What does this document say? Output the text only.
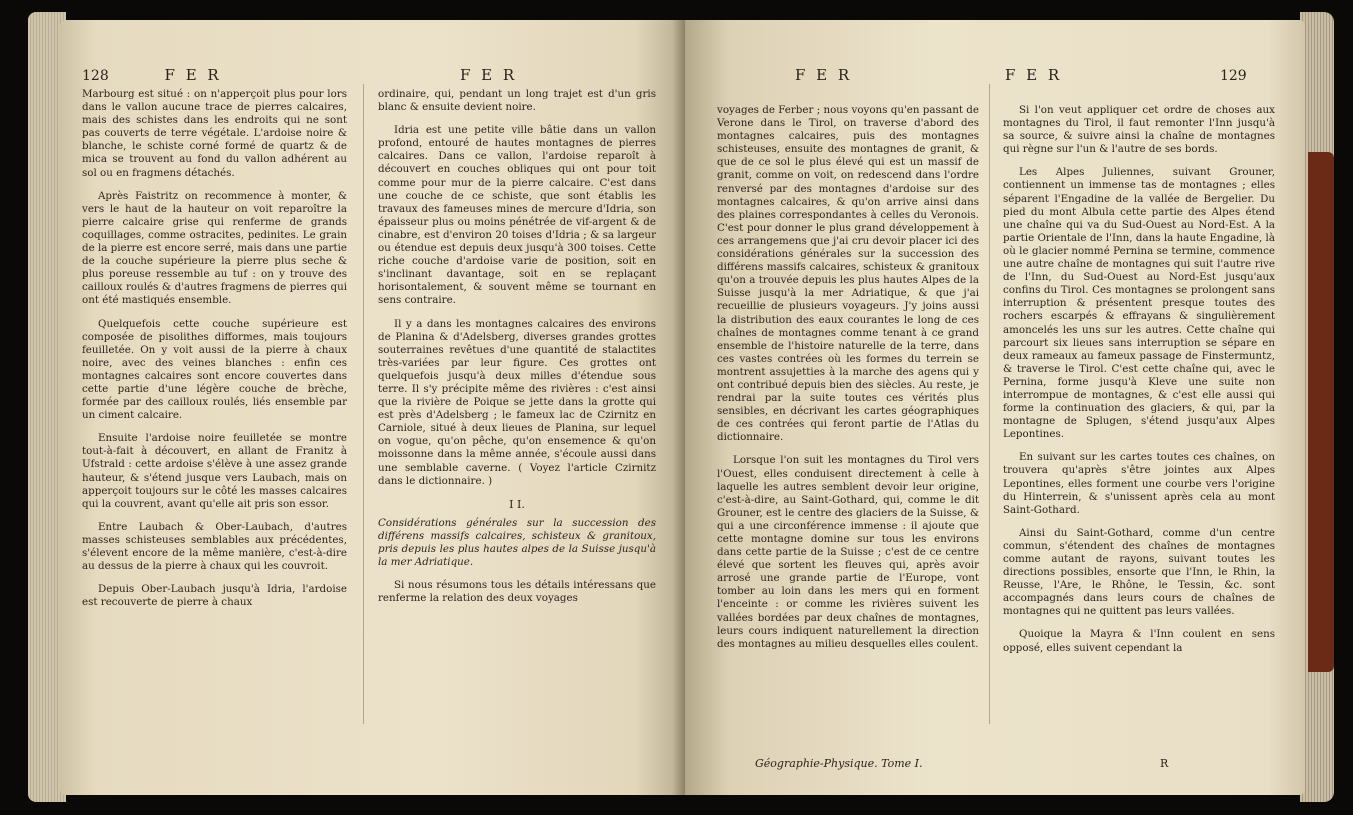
128	F E R	F E R

Marbourg est situé : on n'apperçoit plus pour lors dans le vallon aucune trace de pierres calcaires, mais des schistes dans les endroits qui ne sont pas couverts de terre végétale. L'ardoise noire & blanche, le schiste corné formé de quartz & de mica se trouvent au fond du vallon adhérent au sol ou en fragmens détachés.

Après Faistritz on recommence à monter, & vers le haut de la hauteur on voit reparoître la pierre calcaire grise qui renferme de grands coquillages, comme ostracites, pedinites. Le grain de la pierre est encore serré, mais dans une partie de la couche supérieure la pierre plus seche & plus poreuse ressemble au tuf : on y trouve des cailloux roulés & d'autres fragmens de pierres qui ont été mastiqués ensemble.

Quelquefois cette couche supérieure est composée de pisolithes difformes, mais toujours feuilletée. On y voit aussi de la pierre à chaux noire, avec des veines blanches : enfin ces montagnes calcaires sont encore couvertes dans cette partie d'une légère couche de brèche, formée par des cailloux roulés, liés ensemble par un ciment calcaire.

Ensuite l'ardoise noire feuilletée se montre tout-à-fait à découvert, en allant de Franitz à Ufstrald : cette ardoise s'élève à une assez grande hauteur, & s'étend jusque vers Laubach, mais on apperçoit toujours sur le côté les masses calcaires qui la couvrent, avant qu'elle ait pris son essor.

Entre Laubach & Ober-Laubach, d'autres masses schisteuses semblables aux précédentes, s'élevent encore de la même manière, c'est-à-dire au dessus de la pierre à chaux qui les couvroit.

Depuis Ober-Laubach jusqu'à Idria, l'ardoise est recouverte de pierre à chaux

ordinaire, qui, pendant un long trajet est d'un gris blanc & ensuite devient noire.

Idria est une petite ville bâtie dans un vallon profond, entouré de hautes montagnes de pierres calcaires. Dans ce vallon, l'ardoise reparoît à découvert en couches obliques qui ont pour toit comme pour mur de la pierre calcaire. C'est dans une couche de ce schiste, que sont établis les travaux des fameuses mines de mercure d'Idria, son épaisseur plus ou moins pénétrée de vif-argent & de cinabre, est d'environ 20 toises d'Idria ; & sa largeur ou étendue est depuis deux jusqu'à 300 toises. Cette riche couche d'ardoise varie de position, soit en s'inclinant davantage, soit en se replaçant horisontalement, & souvent même se tournant en sens contraire.

Il y a dans les montagnes calcaires des environs de Planina & d'Adelsberg, diverses grandes grottes souterraines revêtues d'une quantité de stalactites très-variées par leur figure. Ces grottes ont quelquefois jusqu'à deux milles d'étendue sous terre. Il s'y précipite même des rivières : c'est ainsi que la rivière de Poique se jette dans la grotte qui est près d'Adelsberg ; le fameux lac de Czirnitz en Carniole, situé à deux lieues de Planina, sur lequel on vogue, qu'on pêche, qu'on ensemence & qu'on moissonne dans la même année, s'écoule aussi dans une semblable caverne. ( Voyez l'article Czirnitz dans le dictionnaire. )

I I.

Considérations générales sur la succession des différens massifs calcaires, schisteux & granitoux, pris depuis les plus hautes alpes de la Suisse jusqu'à la mer Adriatique.

Si nous résumons tous les détails intéressans que renferme la relation des deux voyages

F E R	F E R	129

voyages de Ferber ; nous voyons qu'en passant de Verone dans le Tirol, on traverse d'abord des montagnes calcaires, puis des montagnes schisteuses, ensuite des montagnes de granit, & que de ce sol le plus élevé qui est un massif de granit, comme on voit, on redescend dans l'ordre renversé par des montagnes d'ardoise sur des montagnes calcaires, & qu'on arrive ainsi dans des plaines correspondantes à celles du Veronois. C'est pour donner le plus grand développement à ces arrangemens que j'ai cru devoir placer ici des considérations générales sur la succession des différens massifs calcaires, schisteux & granitoux qu'on a trouvée depuis les plus hautes Alpes de la Suisse jusqu'à la mer Adriatique, & que j'ai recueillie de plusieurs voyageurs. J'y joins aussi la distribution des eaux courantes le long de ces chaînes de montagnes comme tenant à ce grand ensemble de l'histoire naturelle de la terre, dans ces vastes contrées où les formes du terrein se montrent assujetties à la marche des agens qui y ont contribué depuis bien des siècles. Au reste, je rendrai par la suite toutes ces vérités plus sensibles, en décrivant les cartes géographiques de ces contrées qui feront partie de l'Atlas du dictionnaire.

Lorsque l'on suit les montagnes du Tirol vers l'Ouest, elles conduisent directement à celle à laquelle les autres semblent devoir leur origine, c'est-à-dire, au Saint-Gothard, qui, comme le dit Grouner, est le centre des glaciers de la Suisse, & qui a une circonférence immense : il ajoute que cette montagne domine sur tous les environs dans cette partie de la Suisse ; c'est de ce centre élevé que sortent les fleuves qui, après avoir arrosé une grande partie de l'Europe, vont tomber au loin dans les mers qui en forment l'enceinte : or comme les rivières suivent les vallées bordées par deux chaînes de montagnes, leurs cours indiquent naturellement la direction des montagnes au milieu desquelles elles coulent.

Si l'on veut appliquer cet ordre de choses aux montagnes du Tirol, il faut remonter l'Inn jusqu'à sa source, & suivre ainsi la chaîne de montagnes qui règne sur l'un & l'autre de ses bords.

Les Alpes Juliennes, suivant Grouner, contiennent un immense tas de montagnes ; elles séparent l'Engadine de la vallée de Bergelier. Du pied du mont Albula cette partie des Alpes étend une chaîne qui va du Sud-Ouest au Nord-Est. A la partie Orientale de l'Inn, dans la haute Engadine, là où le glacier nommé Pernina se termine, commence une autre chaîne de montagnes qui suit l'autre rive de l'Inn, du Sud-Ouest au Nord-Est jusqu'aux confins du Tirol. Ces montagnes se prolongent sans interruption & présentent presque toutes des rochers escarpés & effrayans & singulièrement amoncelés les uns sur les autres. Cette chaîne qui parcourt six lieues sans interruption se sépare en deux rameaux au fameux passage de Finstermuntz, & traverse le Tirol. C'est cette chaîne qui, avec le Pernina, forme jusqu'à Kleve une suite non interrompue de montagnes, & c'est elle aussi qui forme la continuation des glaciers, & qui, par la montagne de Splugen, s'étend jusqu'aux Alpes Lepontines.

En suivant sur les cartes toutes ces chaînes, on trouvera qu'après s'être jointes aux Alpes Lepontines, elles forment une courbe vers l'origine du Hinterrein, & s'unissent après cela au mont Saint-Gothard.

Ainsi du Saint-Gothard, comme d'un centre commun, s'étendent des chaînes de montagnes comme autant de rayons, suivant toutes les directions possibles, ensorte que l'Inn, le Rhin, la Reusse, l'Are, le Rhône, le Tessin, &c. sont accompagnés dans leurs cours de chaînes de montagnes qui ne quittent pas leurs vallées.

Quoique la Mayra & l'Inn coulent en sens opposé, elles suivent cependant la

Géographie-Physique. Tome I.	R
